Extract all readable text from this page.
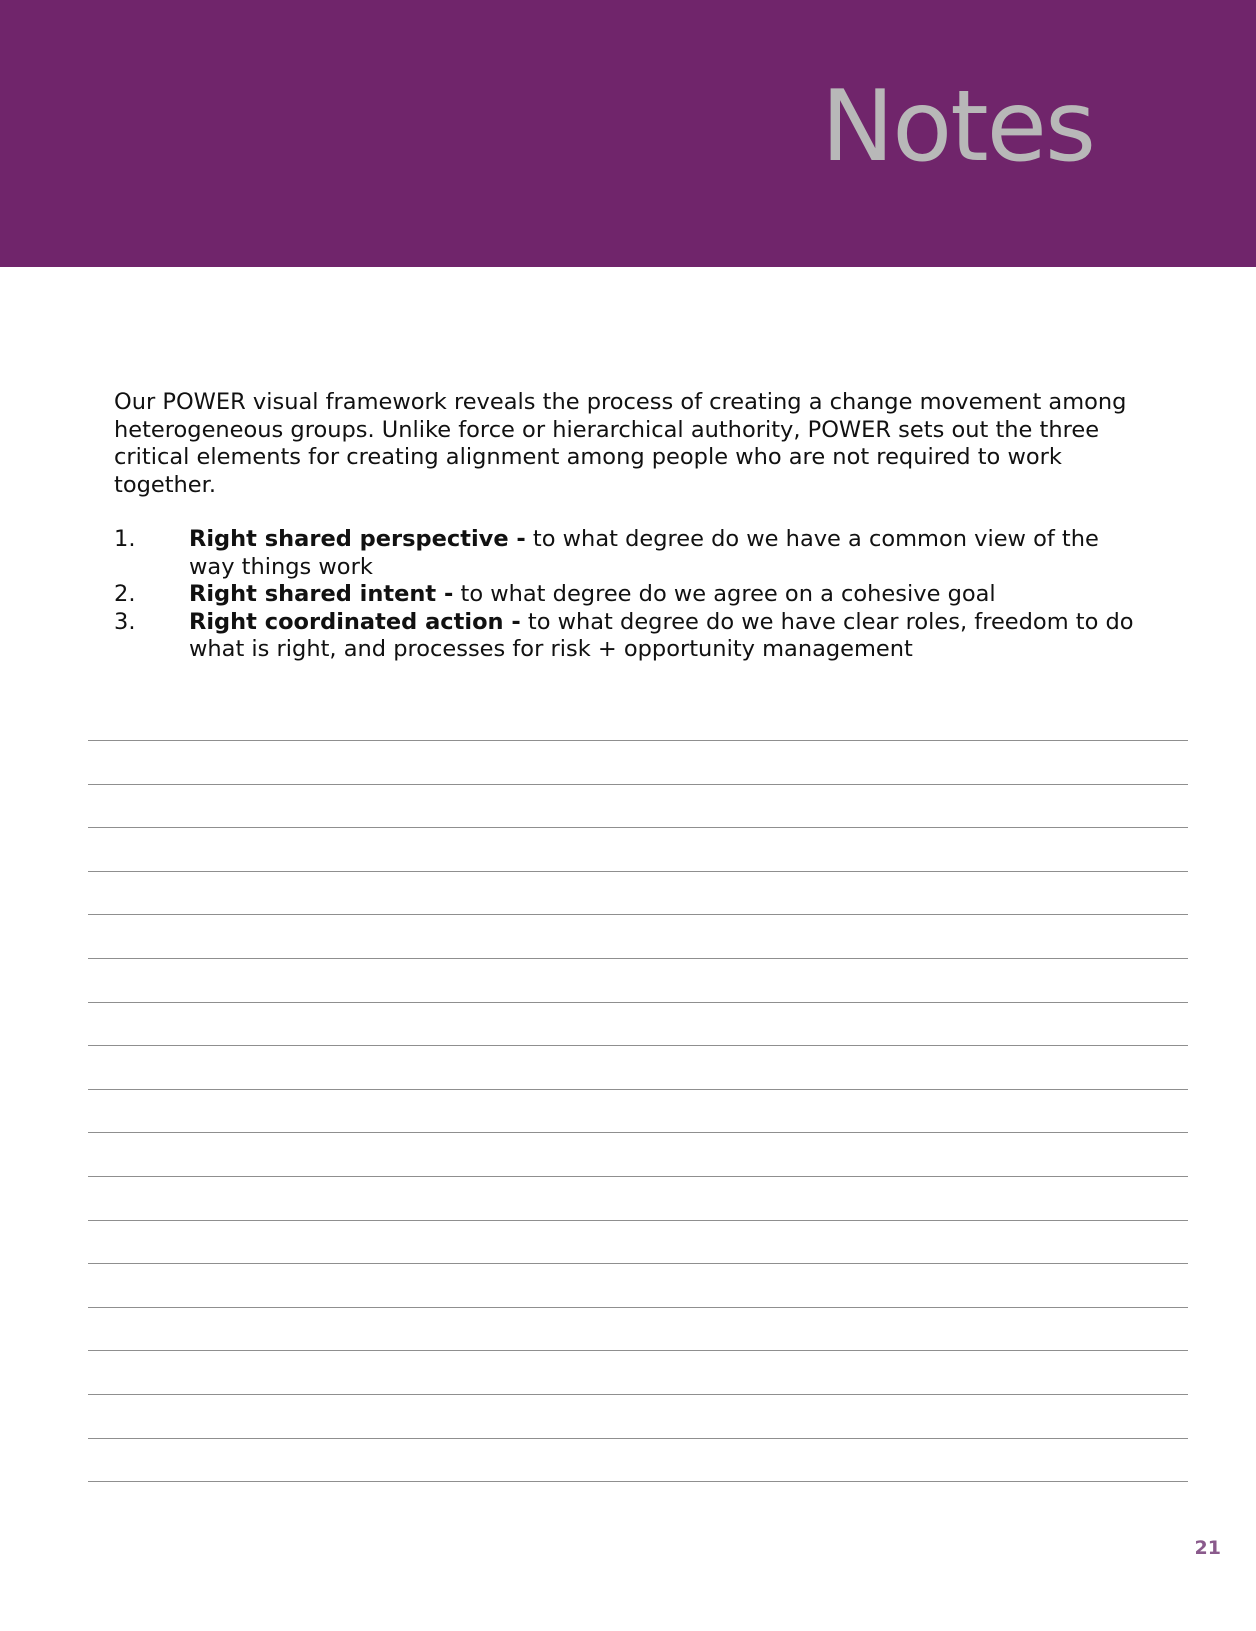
Notes

Our POWER visual framework reveals the process of creating a change movement among heterogeneous groups. Unlike force or hierarchical authority, POWER sets out the three critical elements for creating alignment among people who are not required to work together.

1.	Right shared perspective - to what degree do we have a common view of the way things work
2.	Right shared intent - to what degree do we agree on a cohesive goal
3.	Right coordinated action - to what degree do we have clear roles, freedom to do what is right, and processes for risk + opportunity management
21
